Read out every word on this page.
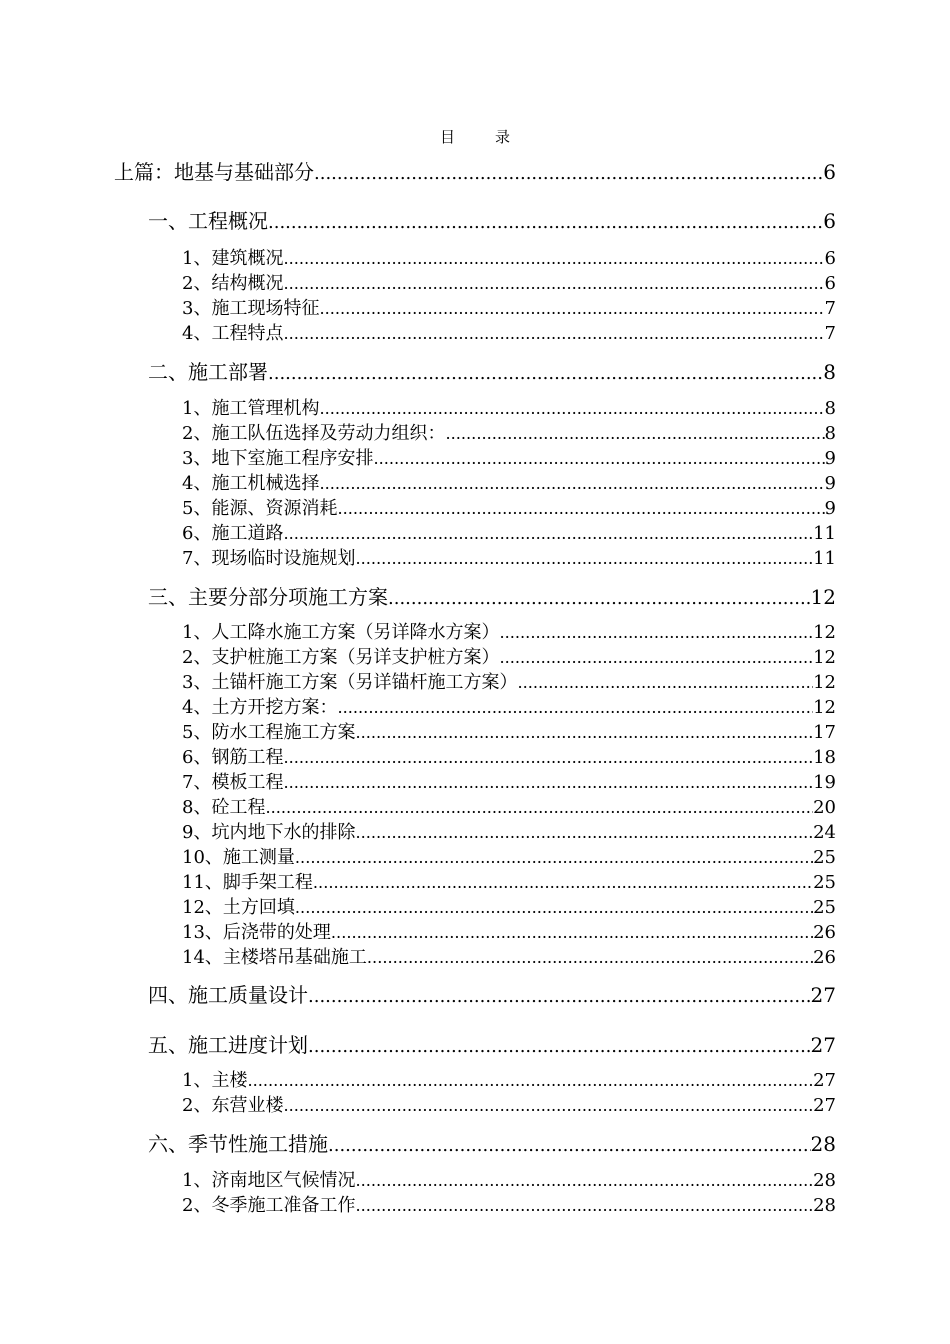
目	录
上篇：地基与基础部分 .....	6
一、工程概况 .....	6
1、建筑概况 .....	6
2、结构概况 .....	6
3、施工现场特征 .....	7
4、工程特点 .....	7
二、施工部署 .....	8
1、施工管理机构 .....	8
2、施工队伍选择及劳动力组织： .....	8
3、地下室施工程序安排 .....	9
4、施工机械选择 .....	9
5、能源、资源消耗 .....	9
6、施工道路 .....	11
7、现场临时设施规划 .....	11
三、主要分部分项施工方案 .....	12
1、人工降水施工方案（另详降水方案） .....	12
2、支护桩施工方案（另详支护桩方案） .....	12
3、土锚杆施工方案（另详锚杆施工方案） .....	12
4、土方开挖方案： .....	12
5、防水工程施工方案 .....	17
6、钢筋工程 .....	18
7、模板工程 .....	19
8、砼工程 .....	20
9、坑内地下水的排除 .....	24
10、施工测量 .....	25
11、脚手架工程 .....	25
12、土方回填 .....	25
13、后浇带的处理 .....	26
14、主楼塔吊基础施工 .....	26
四、施工质量设计 .....	27
五、施工进度计划 .....	27
1、主楼 .....	27
2、东营业楼 .....	27
六、季节性施工措施 .....	28
1、济南地区气候情况 .....	28
2、冬季施工准备工作 .....	28
